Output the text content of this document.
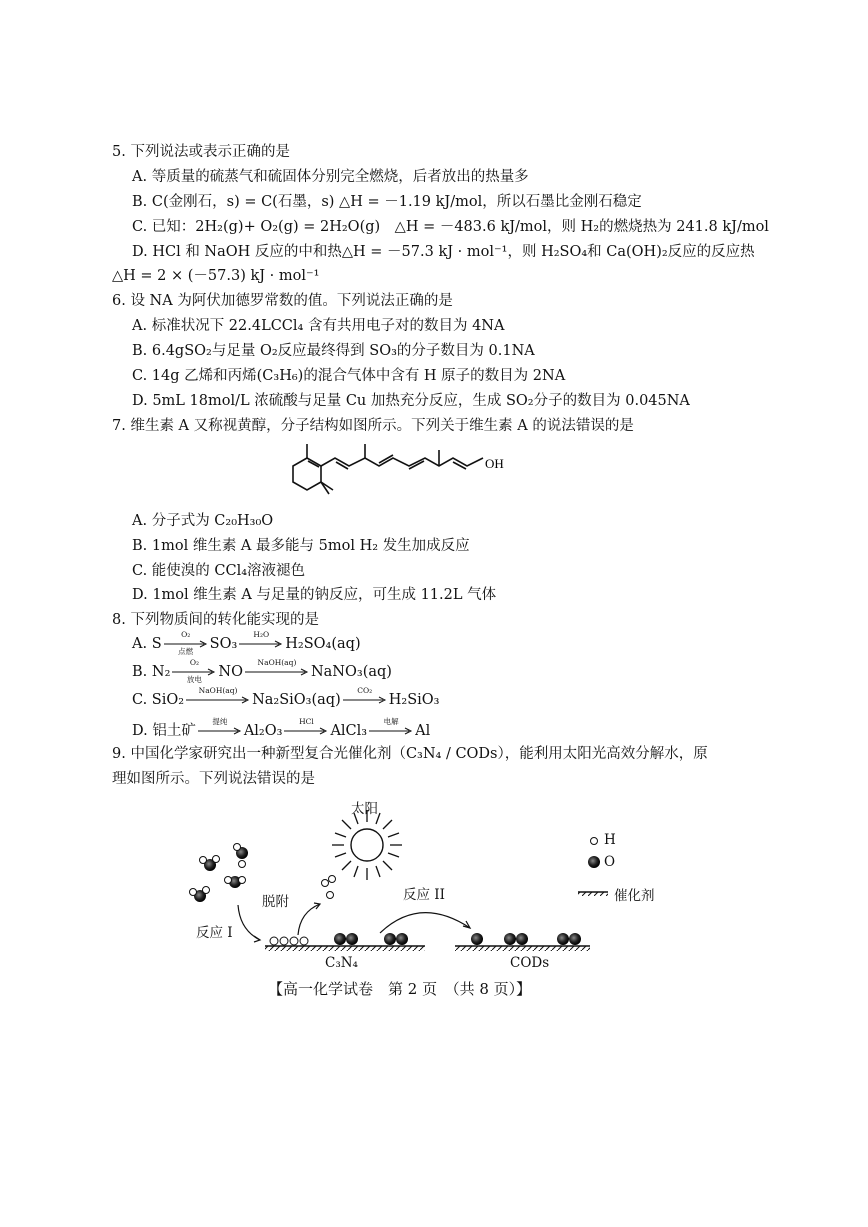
5. 下列说法或表示正确的是
A. 等质量的硫蒸气和硫固体分别完全燃烧，后者放出的热量多
B. C(金刚石，s) = C(石墨，s) △H = －1.19 kJ/mol，所以石墨比金刚石稳定
C. 已知：2H₂(g)+ O₂(g) = 2H₂O(g)　△H = －483.6 kJ/mol，则 H₂的燃烧热为 241.8 kJ/mol
D. HCl 和 NaOH 反应的中和热△H = －57.3 kJ · mol⁻¹，则 H₂SO₄和 Ca(OH)₂反应的反应热
△H = 2 × (－57.3) kJ · mol⁻¹
6. 设 NA 为阿伏加德罗常数的值。下列说法正确的是
A. 标准状况下 22.4LCCl₄ 含有共用电子对的数目为 4NA
B. 6.4gSO₂与足量 O₂反应最终得到 SO₃的分子数目为 0.1NA
C. 14g 乙烯和丙烯(C₃H₆)的混合气体中含有 H 原子的数目为 2NA
D. 5mL 18mol/L 浓硫酸与足量 Cu 加热充分反应，生成 SO₂分子的数目为 0.045NA
7. 维生素 A 又称视黄醇，分子结构如图所示。下列关于维生素 A 的说法错误的是
OH
A. 分子式为 C₂₀H₃₀O
B. 1mol 维生素 A 最多能与 5mol H₂ 发生加成反应
C. 能使溴的 CCl₄溶液褪色
D. 1mol 维生素 A 与足量的钠反应，可生成 11.2L 气体
8. 下列物质间的转化能实现的是
A. S
O₂
点燃	SO₃
H₂O
H₂SO₄(aq)
B. N₂
O₂
放电	NO
NaOH(aq)
NaNO₃(aq)
C. SiO₂
NaOH(aq)
Na₂SiO₃(aq)
CO₂
H₂SiO₃
D. 铝土矿
提纯
Al₂O₃
HCl
AlCl₃
电解
Al
9. 中国化学家研究出一种新型复合光催化剂（C₃N₄ / CODs），能利用太阳光高效分解水，原
理如图所示。下列说法错误的是
太阳
H
O
催化剂
脱附
反应 I
反应 II
C₃N₄	CODs
【高一化学试卷　第 2 页　（共 8 页）】
